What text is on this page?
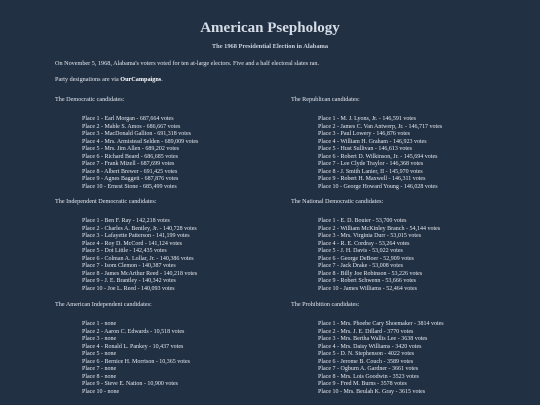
American Psephology
The 1968 Presidential Election in Alabama
On November 5, 1968, Alabama's voters voted for ten at-large electors. Five and a half electoral slates ran.
Party designations are via OurCampaigns.
The Democratic candidates:
Place 1 - Earl Morgan - 687,664 votes
Place 2 - Mable S. Amos - 686,667 votes
Place 3 - MacDonald Gallion - 691,318 votes
Place 4 - Mrs. Armistead Selden - 689,009 votes
Place 5 - Mrs. Jim Allen - 689,202 votes
Place 6 - Richard Beard - 686,685 votes
Place 7 - Frank Mizell - 687,699 votes
Place 8 - Albert Brewer - 691,425 votes
Place 9 - Agnes Baggett - 687,876 votes
Place 10 - Ernest Stone - 685,499 votes
The Republican candidates:
Place 1 - M. J. Lyons, Jr. - 146,591 votes
Place 2 - James C. Van Antwerp, Jr. - 146,717 votes
Place 3 - Paul Lowery - 146,876 votes
Place 4 - William H. Graham - 146,923 votes
Place 5 - Hust Sullivan - 146,613 votes
Place 6 - Robert D. Wilkinson, Jr. - 145,694 votes
Place 7 - Lee Clyde Traylor - 146,368 votes
Place 8 - J. Smith Lanier, II - 145,970 votes
Place 9 - Robert H. Maxwell - 146,311 votes
Place 10 - George Howard Young - 146,028 votes
The Independent Democratic candidates:
Place 1 - Ben F. Ray - 142,218 votes
Place 2 - Charles A. Bentley, Jr. - 140,728 votes
Place 3 - Lafayette Patterson - 141,199 votes
Place 4 - Roy D. McCord - 141,124 votes
Place 5 - Dot Little - 142,435 votes
Place 6 - Colman A. Lollar, Jr. - 140,386 votes
Place 7 - Isom Clemon - 140,387 votes
Place 8 - James McArthur Reed - 140,218 votes
Place 9 - J. E. Brantley - 140,342 votes
Place 10 - Joe L. Reed - 140,093 votes
The National Democratic candidates:
Place 1 - E. D. Bouier - 53,700 votes
Place 2 - William McKinley Branch - 54,144 votes
Place 3 - Mrs. Virginia Durr - 53,015 votes
Place 4 - R. E. Cordray - 53,264 votes
Place 5 - J. H. Davis - 53,022 votes
Place 6 - George DeBoer - 52,909 votes
Place 7 - Jack Drake - 53,008 votes
Place 8 - Billy Joe Robinson - 53,226 votes
Place 9 - Robert Schwenn - 53,666 votes
Place 10 - James Williams - 52,464 votes
The American Independent candidates:
Place 1 - none
Place 2 - Aaron C. Edwards - 10,518 votes
Place 3 - none
Place 4 - Ronald L. Pankey - 10,437 votes
Place 5 - none
Place 6 - Bernice H. Morrison - 10,365 votes
Place 7 - none
Place 8 - none
Place 9 - Steve E. Nation - 10,900 votes
Place 10 - none
The Prohibition candidates:
Place 1 - Mrs. Phoebe Cary Shoemaker - 3814 votes
Place 2 - Mrs. J. E. Dillard - 3770 votes
Place 3 - Mrs. Bertha Wallis Lee - 3638 votes
Place 4 - Mrs. Daisy Williams - 3420 votes
Place 5 - D. N. Stephenson - 4022 votes
Place 6 - Jerome B. Couch - 3589 votes
Place 7 - Ogburn A. Gardner - 3661 votes
Place 8 - Mrs. Lois Goodwin - 3523 votes
Place 9 - Fred M. Burns - 3578 votes
Place 10 - Mrs. Beulah K. Gray - 3615 votes
